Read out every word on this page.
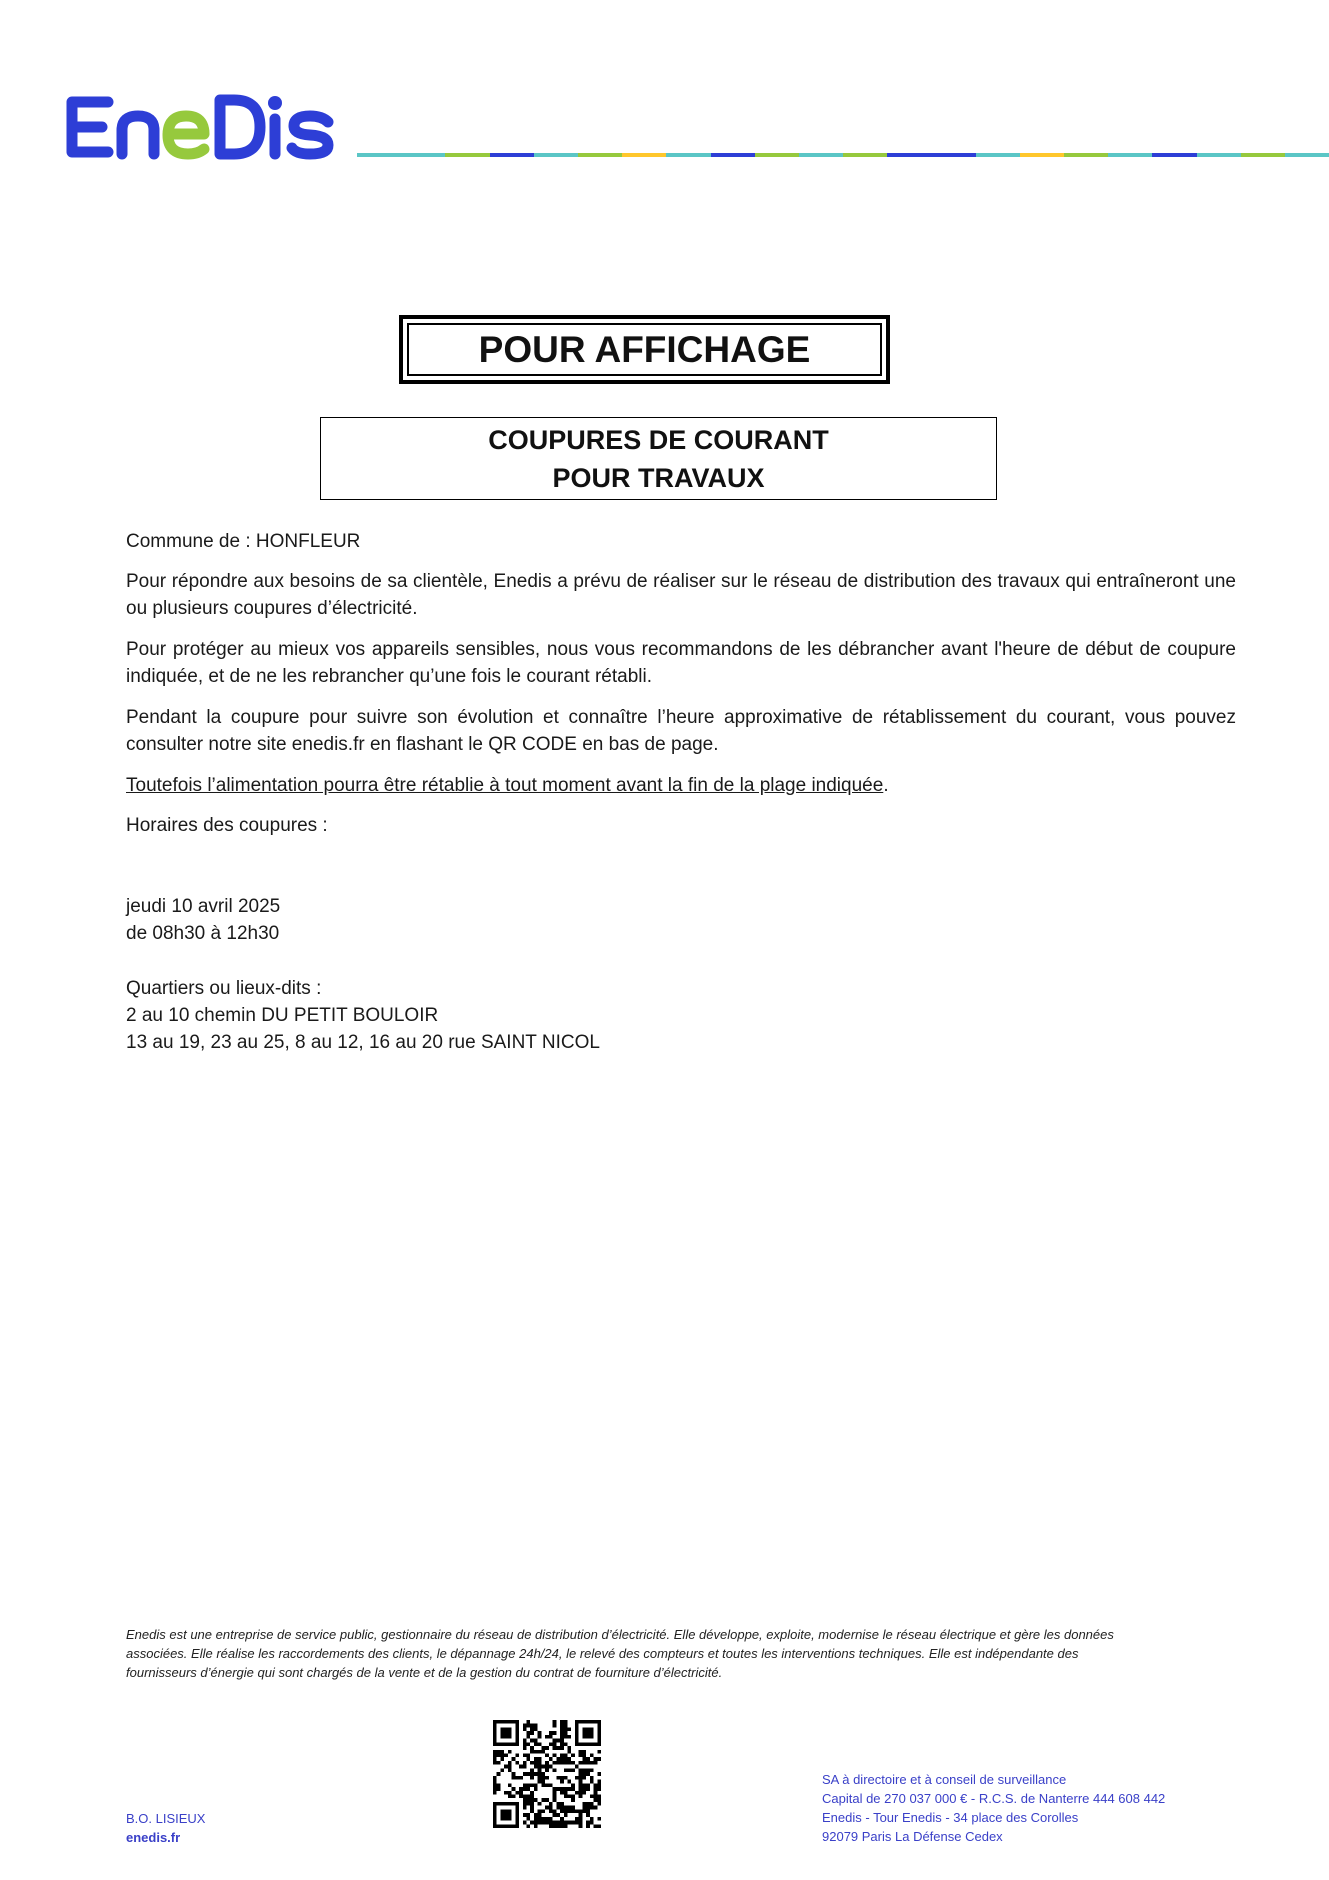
POUR AFFICHAGE
COUPURES DE COURANT
POUR TRAVAUX
Commune de : HONFLEUR
Pour répondre aux besoins de sa clientèle, Enedis a prévu de réaliser sur le réseau de distribution des travaux qui entraîneront une ou plusieurs coupures d’électricité.
Pour protéger au mieux vos appareils sensibles, nous vous recommandons de les débrancher avant l'heure de début de coupure indiquée, et de ne les rebrancher qu’une fois le courant rétabli.
Pendant la coupure pour suivre son évolution et connaître l’heure approximative de rétablissement du courant, vous pouvez consulter notre site enedis.fr en flashant le QR CODE en bas de page.
Toutefois l’alimentation pourra être rétablie à tout moment avant la fin de la plage indiquée.
Horaires des coupures :
jeudi 10 avril 2025
de 08h30 à 12h30
Quartiers ou lieux-dits :
2 au 10 chemin DU PETIT BOULOIR
13 au 19, 23 au 25, 8 au 12, 16 au 20 rue SAINT NICOL
Enedis est une entreprise de service public, gestionnaire du réseau de distribution d’électricité. Elle développe, exploite, modernise le réseau électrique et gère les données
associées. Elle réalise les raccordements des clients, le dépannage 24h/24, le relevé des compteurs et toutes les interventions techniques. Elle est indépendante des
fournisseurs d’énergie qui sont chargés de la vente et de la gestion du contrat de fourniture d’électricité.
B.O. LISIEUX
enedis.fr
SA à directoire et à conseil de surveillance
Capital de 270 037 000 € - R.C.S. de Nanterre 444 608 442
Enedis - Tour Enedis - 34 place des Corolles
92079 Paris La Défense Cedex
